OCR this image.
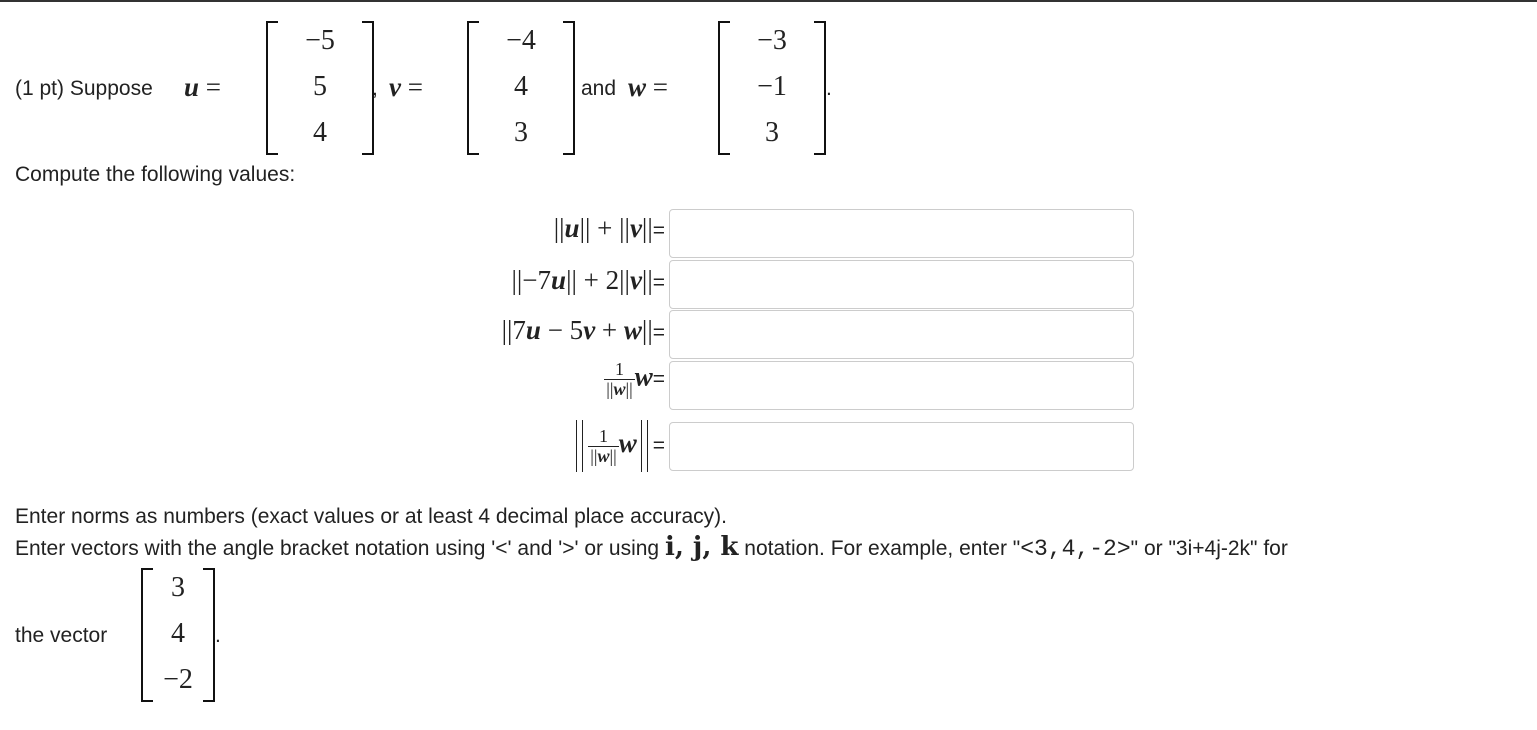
(1 pt) Suppose u =
−5
5
4
, v =
−4
4
3
and w =
−3
−1
3
.
Compute the following values:
||u|| + ||v||=
||−7u|| + 2||v||=
||7u − 5v + w||=
$\frac{1}{||w||} w=$
$\frac{1}{||w||}$ w =
Enter norms as numbers (exact values or at least 4 decimal place accuracy).
Enter vectors with the angle bracket notation using '<' and '>' or using i, j, k notation. For example, enter "<3,4,-2>" or "3i+4j-2k" for
the vector
3
4
−2
.
